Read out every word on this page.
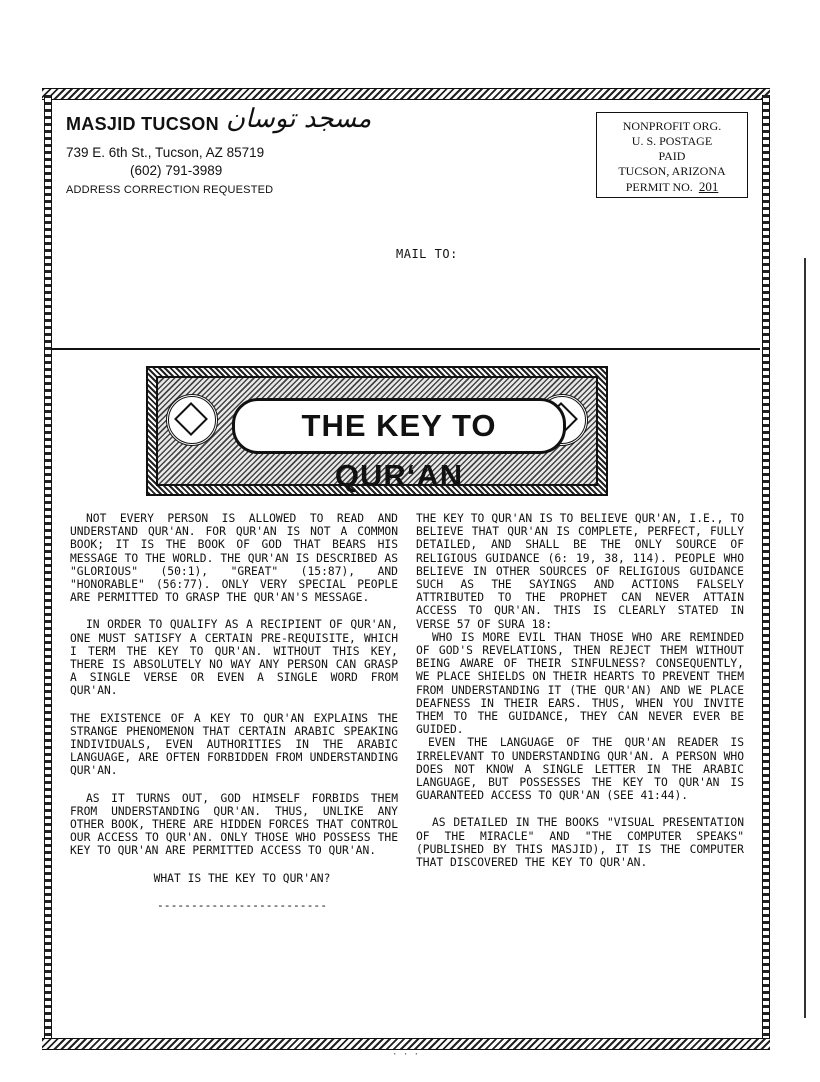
MASJID TUCSON مسجد توسان
739 E. 6th St., Tucson, AZ 85719
(602) 791-3989
ADDRESS CORRECTION REQUESTED
NONPROFIT ORG.
U. S. POSTAGE
PAID
TUCSON, ARIZONA
PERMIT NO. 201
MAIL TO:
THE KEY TO QUR‘AN

NOT EVERY PERSON IS ALLOWED TO READ AND UNDERSTAND QUR'AN. FOR QUR'AN IS NOT A COMMON BOOK; IT IS THE BOOK OF GOD THAT BEARS HIS MESSAGE TO THE WORLD. THE QUR'AN IS DESCRIBED AS "GLORIOUS" (50:1), "GREAT" (15:87), AND "HONORABLE" (56:77). ONLY VERY SPECIAL PEOPLE ARE PERMITTED TO GRASP THE QUR'AN'S MESSAGE.

IN ORDER TO QUALIFY AS A RECIPIENT OF QUR'AN, ONE MUST SATISFY A CERTAIN PRE-REQUISITE, WHICH I TERM THE KEY TO QUR'AN. WITHOUT THIS KEY, THERE IS ABSOLUTELY NO WAY ANY PERSON CAN GRASP A SINGLE VERSE OR EVEN A SINGLE WORD FROM QUR'AN.

THE EXISTENCE OF A KEY TO QUR'AN EXPLAINS THE STRANGE PHENOMENON THAT CERTAIN ARABIC SPEAKING INDIVIDUALS, EVEN AUTHORITIES IN THE ARABIC LANGUAGE, ARE OFTEN FORBIDDEN FROM UNDERSTANDING QUR'AN.

AS IT TURNS OUT, GOD HIMSELF FORBIDS THEM FROM UNDERSTANDING QUR'AN. THUS, UNLIKE ANY OTHER BOOK, THERE ARE HIDDEN FORCES THAT CONTROL OUR ACCESS TO QUR'AN. ONLY THOSE WHO POSSESS THE KEY TO QUR'AN ARE PERMITTED ACCESS TO QUR'AN.

WHAT IS THE KEY TO QUR'AN?

-------------------------

THE KEY TO QUR'AN IS TO BELIEVE QUR'AN, I.E., TO BELIEVE THAT QUR'AN IS COMPLETE, PERFECT, FULLY DETAILED, AND SHALL BE THE ONLY SOURCE OF RELIGIOUS GUIDANCE (6: 19, 38, 114). PEOPLE WHO BELIEVE IN OTHER SOURCES OF RELIGIOUS GUIDANCE SUCH AS THE SAYINGS AND ACTIONS FALSELY ATTRIBUTED TO THE PROPHET CAN NEVER ATTAIN ACCESS TO QUR'AN. THIS IS CLEARLY STATED IN VERSE 57 OF SURA 18:

WHO IS MORE EVIL THAN THOSE WHO ARE REMINDED OF GOD'S REVELATIONS, THEN REJECT THEM WITHOUT BEING AWARE OF THEIR SINFULNESS? CONSEQUENTLY, WE PLACE SHIELDS ON THEIR HEARTS TO PREVENT THEM FROM UNDERSTANDING IT (THE QUR'AN) AND WE PLACE DEAFNESS IN THEIR EARS. THUS, WHEN YOU INVITE THEM TO THE GUIDANCE, THEY CAN NEVER EVER BE GUIDED.

EVEN THE LANGUAGE OF THE QUR'AN READER IS IRRELEVANT TO UNDERSTANDING QUR'AN. A PERSON WHO DOES NOT KNOW A SINGLE LETTER IN THE ARABIC LANGUAGE, BUT POSSESSES THE KEY TO QUR'AN IS GUARANTEED ACCESS TO QUR'AN (SEE 41:44).

AS DETAILED IN THE BOOKS "VISUAL PRESENTATION OF THE MIRACLE" AND "THE COMPUTER SPEAKS" (PUBLISHED BY THIS MASJID), IT IS THE COMPUTER THAT DISCOVERED THE KEY TO QUR'AN.

· · ·
